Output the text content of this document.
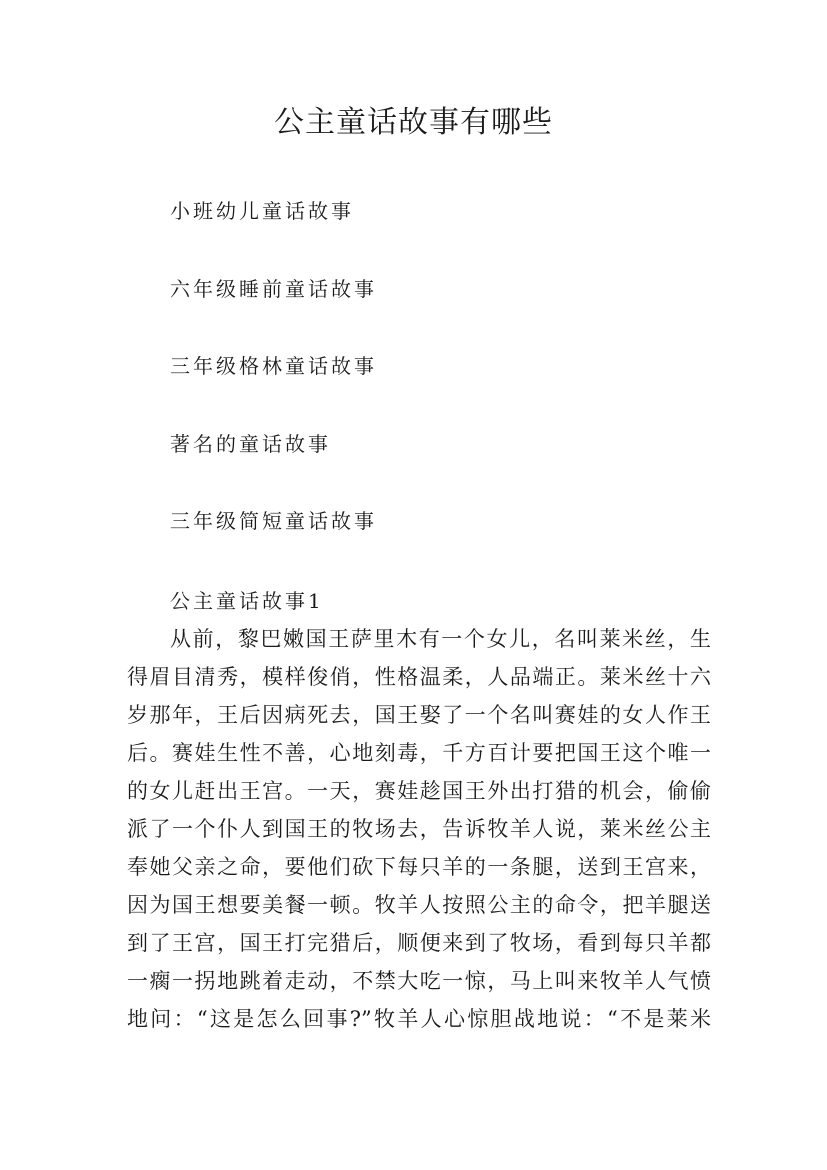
公主童话故事有哪些
小班幼儿童话故事
六年级睡前童话故事
三年级格林童话故事
著名的童话故事
三年级简短童话故事
公主童话故事1
从前，黎巴嫩国王萨里木有一个女儿，名叫莱米丝，生
得眉目清秀，模样俊俏，性格温柔，人品端正。莱米丝十六
岁那年，王后因病死去，国王娶了一个名叫赛娃的女人作王
后。赛娃生性不善，心地刻毒，千方百计要把国王这个唯一
的女儿赶出王宫。一天，赛娃趁国王外出打猎的机会，偷偷
派了一个仆人到国王的牧场去，告诉牧羊人说，莱米丝公主
奉她父亲之命，要他们砍下每只羊的一条腿，送到王宫来，
因为国王想要美餐一顿。牧羊人按照公主的命令，把羊腿送
到了王宫，国王打完猎后，顺便来到了牧场，看到每只羊都
一瘸一拐地跳着走动，不禁大吃一惊，马上叫来牧羊人气愤
地问：“这是怎么回事?”牧羊人心惊胆战地说：“不是莱米
